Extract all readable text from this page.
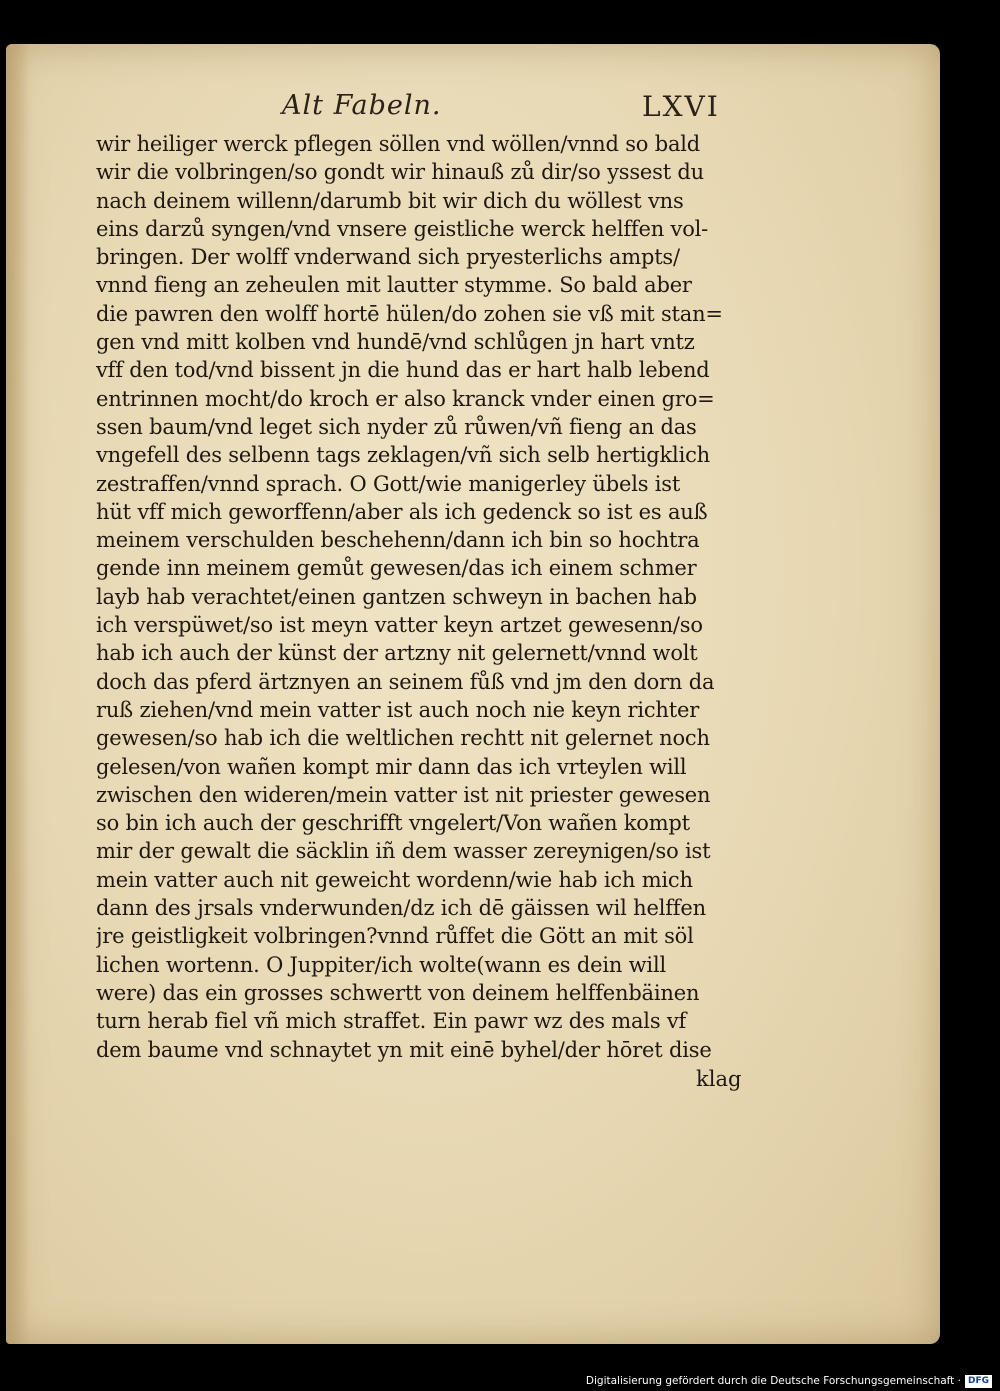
Alt Fabeln.	LXVI
wir heiliger werck pflegen söllen vnd wöllen/vnnd so bald
wir die volbringen/so gondt wir hinauß zů dir/so yssest du
nach deinem willenn/darumb bit wir dich du wöllest vns
eins darzů syngen/vnd vnsere geistliche werck helffen vol-
bringen. Der wolff vnderwand sich pryesterlichs ampts/
vnnd fieng an zeheulen mit lautter stymme. So bald aber
die pawren den wolff hortē hülen/do zohen sie vß mit stan=
gen vnd mitt kolben vnd hundē/vnd schlůgen jn hart vntz
vff den tod/vnd bissent jn die hund das er hart halb lebend
entrinnen mocht/do kroch er also kranck vnder einen gro=
ssen baum/vnd leget sich nyder zů růwen/vñ fieng an das
vngefell des selbenn tags zeklagen/vñ sich selb hertigklich
zestraffen/vnnd sprach. O Gott/wie manigerley übels ist
hüt vff mich geworffenn/aber als ich gedenck so ist es auß
meinem verschulden beschehenn/dann ich bin so hochtra
gende inn meinem gemůt gewesen/das ich einem schmer
layb hab verachtet/einen gantzen schweyn in bachen hab
ich verspüwet/so ist meyn vatter keyn artzet gewesenn/so
hab ich auch der künst der artzny nit gelernett/vnnd wolt
doch das pferd ärtznyen an seinem fůß vnd jm den dorn da
ruß ziehen/vnd mein vatter ist auch noch nie keyn richter
gewesen/so hab ich die weltlichen rechtt nit gelernet noch
gelesen/von wañen kompt mir dann das ich vrteylen will
zwischen den wideren/mein vatter ist nit priester gewesen
so bin ich auch der geschrifft vngelert/Von wañen kompt
mir der gewalt die säcklin iñ dem wasser zereynigen/so ist
mein vatter auch nit geweicht wordenn/wie hab ich mich
dann des jrsals vnderwunden/dz ich dē gäissen wil helffen
jre geistligkeit volbringen?vnnd růffet die Gött an mit söl
lichen wortenn. O Juppiter/ich wolte(wann es dein will
were) das ein grosses schwertt von deinem helffenbäinen
turn herab fiel vñ mich straffet. Ein pawr wz des mals vf
dem baume vnd schnaytet yn mit einē byhel/der hōret dise
klag
Digitalisierung gefördert durch die Deutsche Forschungsgemeinschaft · DFG
